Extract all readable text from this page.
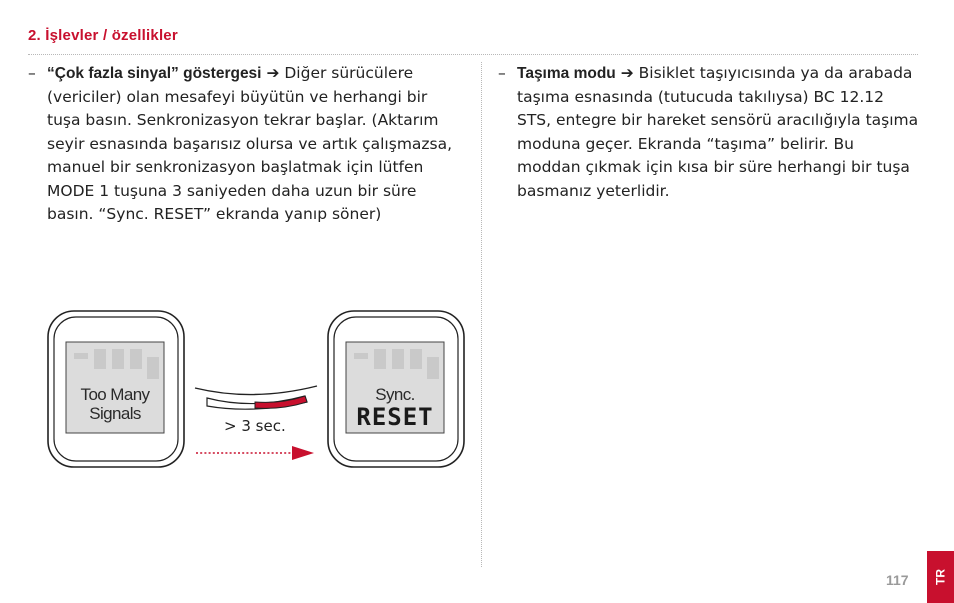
2. İşlevler / özellikler
– “Çok fazla sinyal” göstergesi ➔ Diğer sürücülere (vericiler) olan mesafeyi büyütün ve herhangi bir tuşa basın. Senkronizasyon tekrar başlar. (Aktarım seyir esnasında başarısız olursa ve artık çalışmazsa, manuel bir senkronizasyon başlatmak için lütfen MODE 1 tuşuna 3 saniyeden daha uzun bir süre basın. “Sync. RESET” ekranda yanıp söner)
– Taşıma modu ➔ Bisiklet taşıyıcısında ya da arabada taşıma esnasında (tutucuda takılıysa) BC 12.12 STS, entegre bir hareket sensörü aracılığıyla taşıma moduna geçer. Ekranda “taşıma” belirir. Bu moddan çıkmak için kısa bir süre herhangi bir tuşa basmanız yeterlidir.
Too Many
Signals
> 3 sec.
Sync.
RESET
117	TR
